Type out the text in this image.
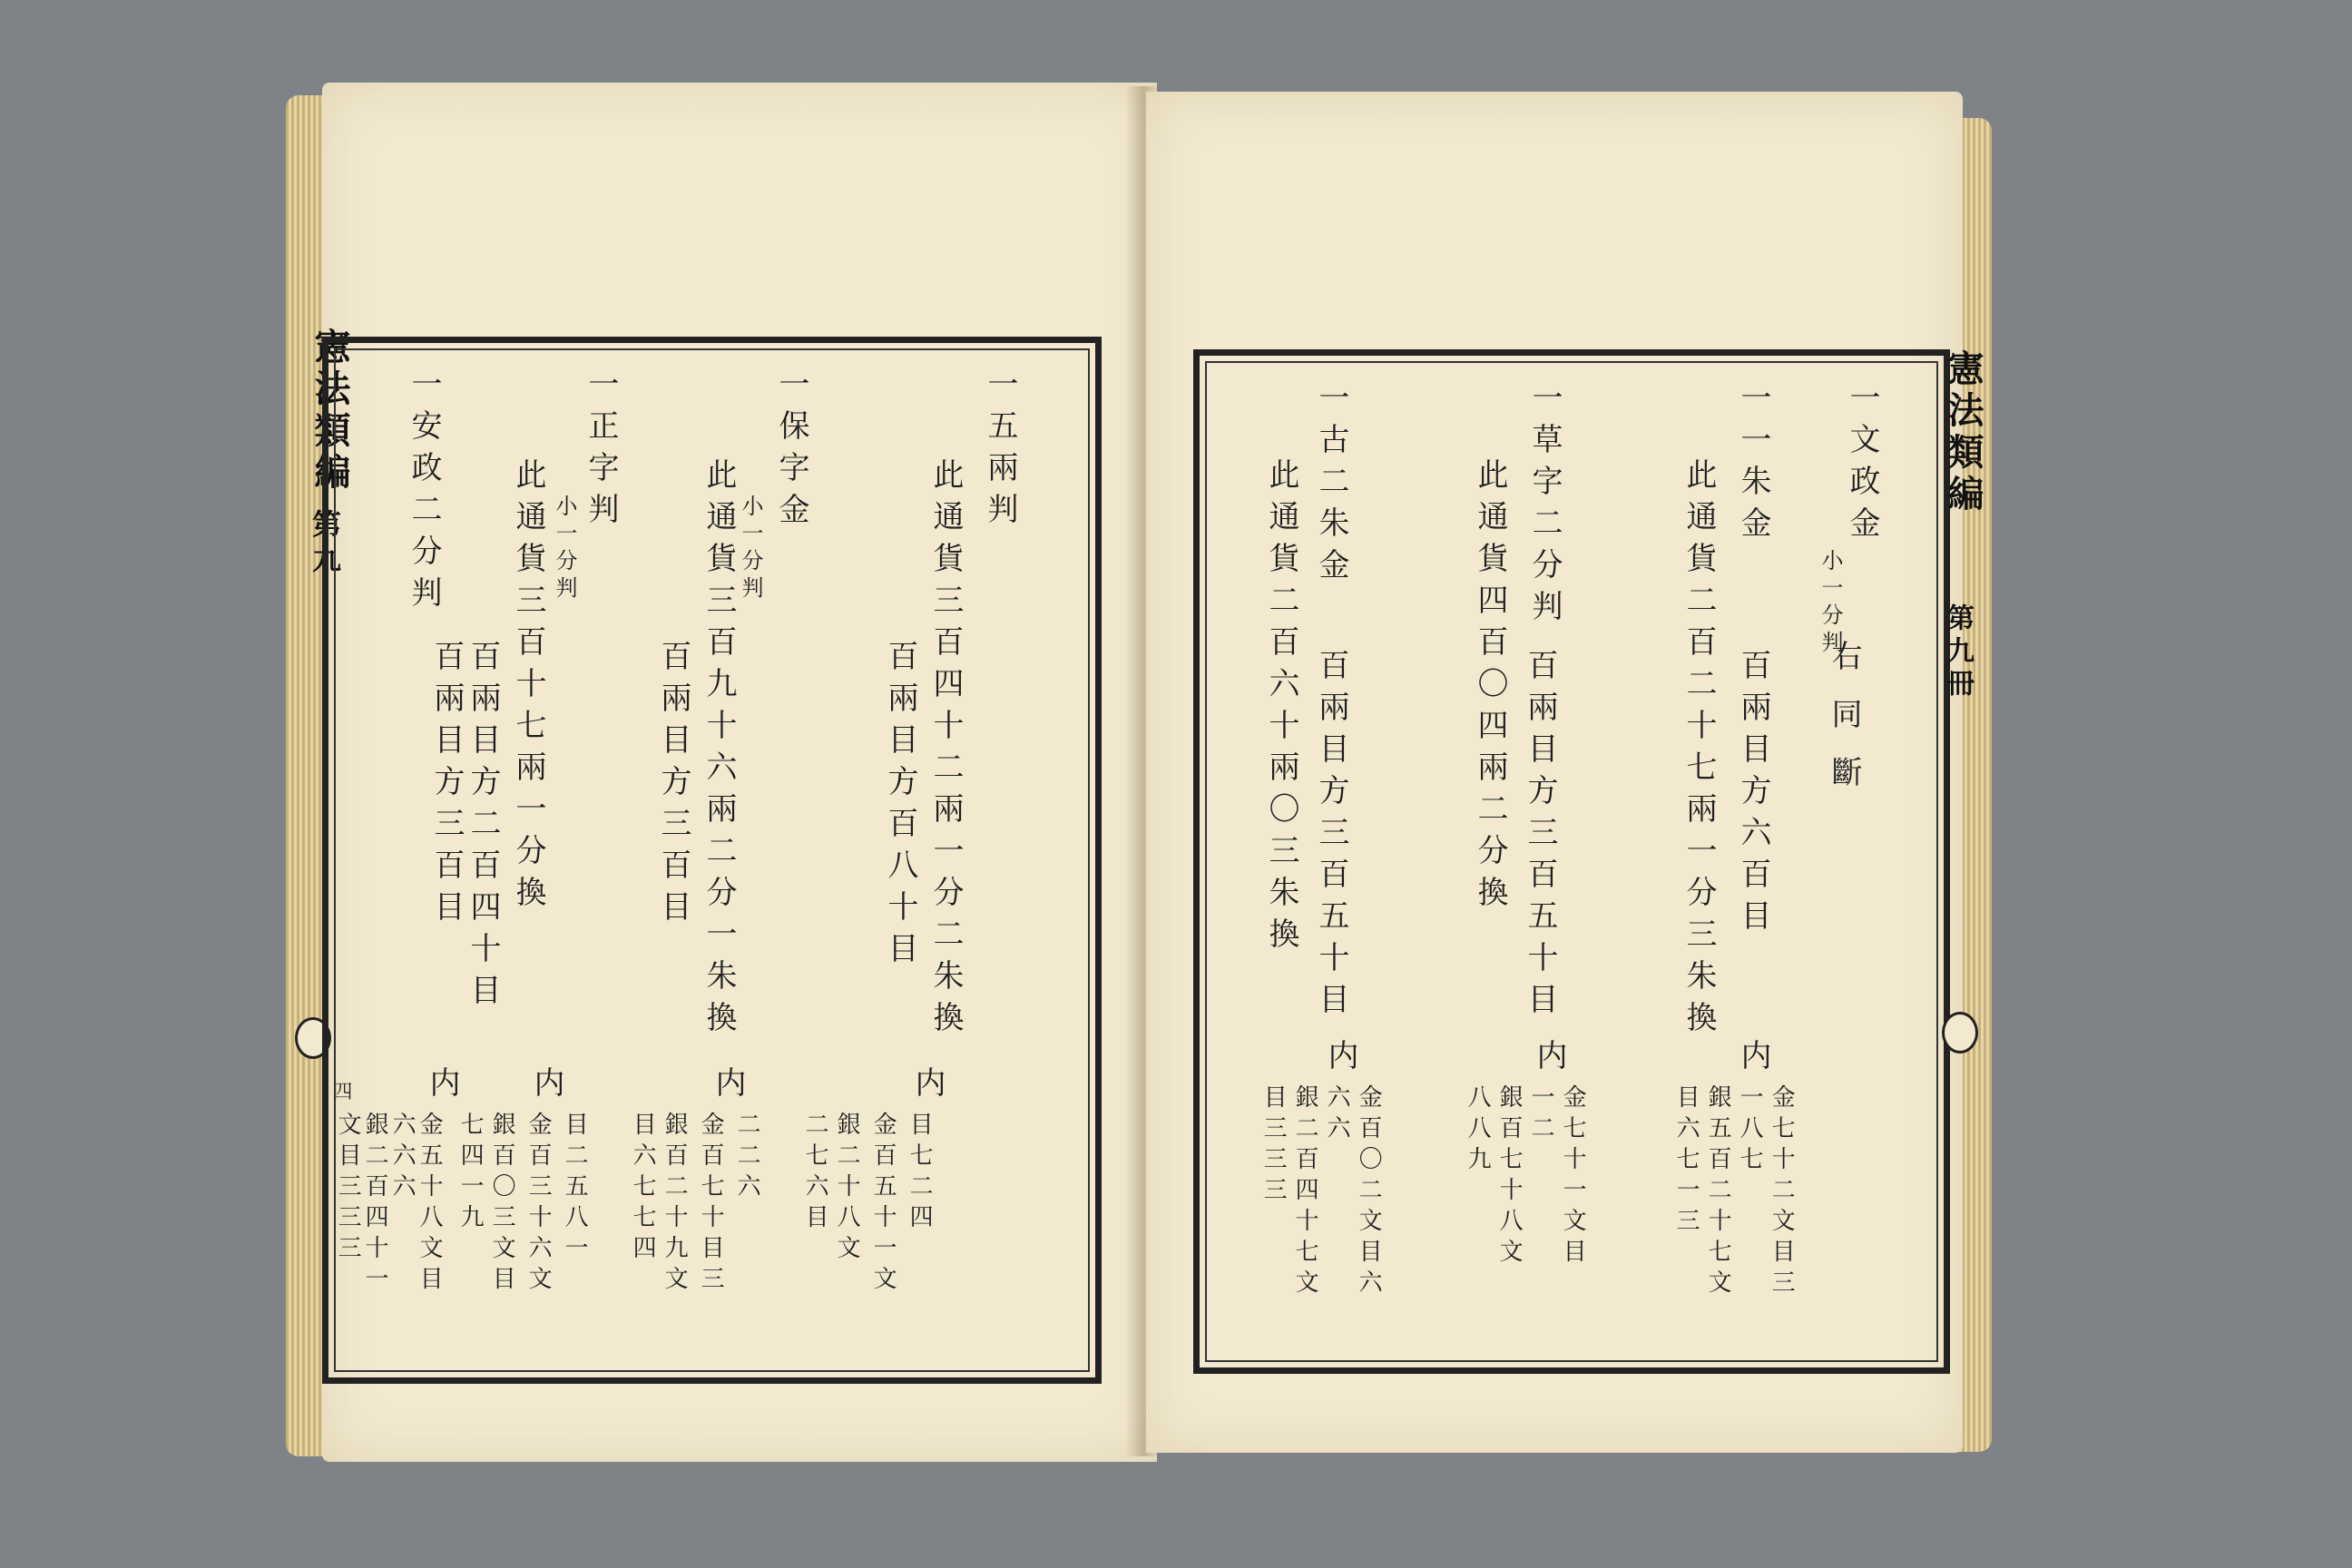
憲法類編
第九
四
一五兩判
此通貨三百四十二兩一分二朱換
百兩目方百八十目
内
金百五十一文 目七二四
銀二十八文
二七六目
一保字金
小一分判
此通貨三百九十六兩二分一朱換
百兩目方三百目
内
金百七十目三 二二六
銀百二十九文
目六七七四
一正字判
小一分判
此通貨三百十七兩一分換
百兩目方二百四十目
内
金百三十六文 目二五八一
銀百〇三文目
七四一九
一安政二分判
百兩目方三百目
内
金五十八文目
六六六
銀二百四十一
文目三三三
憲法類編
第九冊
一文政金
小一分判
右同斷
一一朱金
此通貨二百二十七兩一分三朱換 百兩目方六百目
内
金七十二文目三
一八七
銀五百二十七文
目六七一三
一草字二分判
此通貨四百〇四兩二分換 百兩目方三百五十目
内
金七十一文目
一二
銀百七十八文
八八九
一古二朱金
此通貨二百六十兩〇三朱換 百兩目方三百五十目
内
金百〇二文目六
六六
銀二百四十七文
目三三三
